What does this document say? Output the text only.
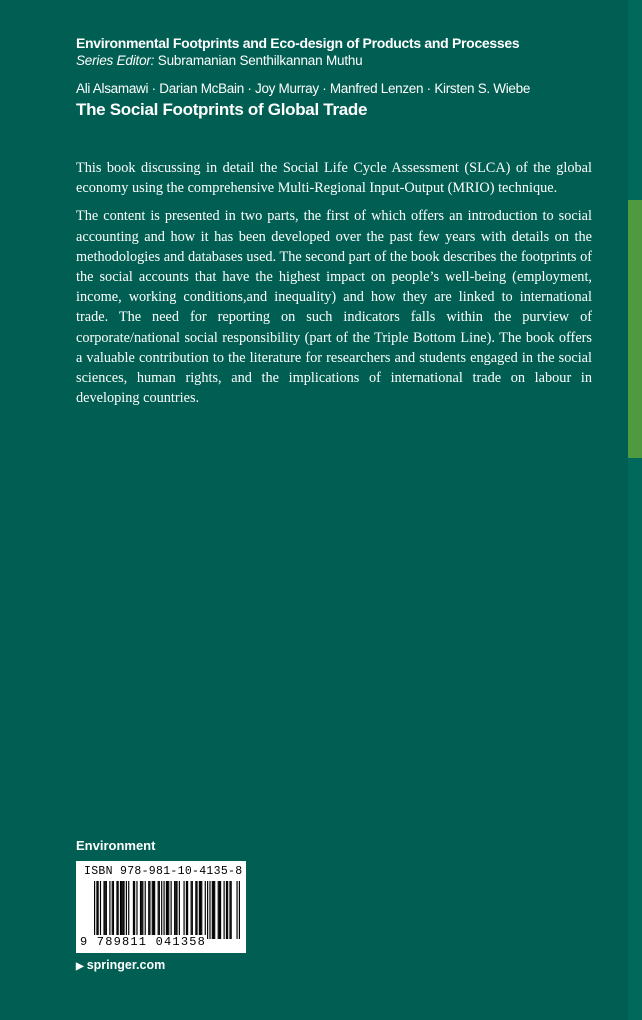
Environmental Footprints and Eco-design of Products and Processes
Series Editor: Subramanian Senthilkannan Muthu
Ali Alsamawi · Darian McBain · Joy Murray · Manfred Lenzen · Kirsten S. Wiebe
The Social Footprints of Global Trade

This book discussing in detail the Social Life Cycle Assessment (SLCA) of the global economy using the comprehensive Multi-Regional Input-Output (MRIO) technique.

The content is presented in two parts, the first of which offers an introduction to social accounting and how it has been developed over the past few years with details on the methodologies and databases used. The second part of the book describes the footprints of the social accounts that have the highest impact on people’s well-being (employment, income, working conditions,and inequality) and how they are linked to international trade. The need for reporting on such indicators falls within the purview of corporate/national social responsibility (part of the Triple Bottom Line). The book offers a valuable contribution to the literature for researchers and students engaged in the social sciences, human rights, and the implications of international trade on labour in developing countries.

Environment
ISBN 978-981-10-4135-8
9 789811 041358
▶ springer.com
